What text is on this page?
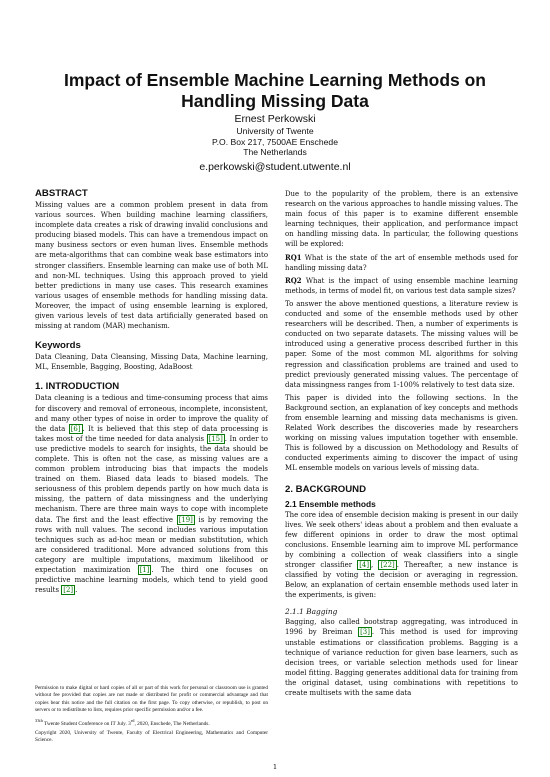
Impact of Ensemble Machine Learning Methods on Handling Missing Data
Ernest Perkowski
University of Twente
P.O. Box 217, 7500AE Enschede
The Netherlands
e.perkowski@student.utwente.nl
ABSTRACT

Missing values are a common problem present in data from various sources. When building machine learning classifiers, incomplete data creates a risk of drawing invalid conclusions and producing biased models. This can have a tremendous impact on many business sectors or even human lives. Ensemble methods are meta-algorithms that can combine weak base estimators into stronger classifiers. Ensemble learning can make use of both ML and non-ML techniques. Using this approach proved to yield better predictions in many use cases. This research examines various usages of ensemble methods for handling missing data. Moreover, the impact of using ensemble learning is explored, given various levels of test data artificially generated based on missing at random (MAR) mechanism.

Keywords

Data Cleaning, Data Cleansing, Missing Data, Machine learning, ML, Ensemble, Bagging, Boosting, AdaBoost

1. INTRODUCTION

Data cleaning is a tedious and time-consuming process that aims for discovery and removal of erroneous, incomplete, inconsistent, and many other types of noise in order to improve the quality of the data [6] . It is believed that this step of data processing is takes most of the time needed for data analysis [15] . In order to use predictive models to search for insights, the data should be complete. This is often not the case, as missing values are a common problem introducing bias that impacts the models trained on them. Biased data leads to biased models. The seriousness of this problem depends partly on how much data is missing, the pattern of data missingness and the underlying mechanism. There are three main ways to cope with incomplete data. The first and the least effective [19] is by removing the rows with null values. The second includes various imputation techniques such as ad-hoc mean or median substitution, which are considered traditional. More advanced solutions from this category are multiple imputations, maximum likelihood or expectation maximization [1] . The third one focuses on predictive machine learning models, which tend to yield good results [2] .

Permission to make digital or hard copies of all or part of this work for personal or classroom use is granted without fee provided that copies are not made or distributed for profit or commercial advantage and that copies bear this notice and the full citation on the first page. To copy otherwise, or republish, to post on servers or to redistribute to lists, requires prior specific permission and/or a fee.

$^{33th}$ Twente Student Conference on IT July. 3rd, 2020, Enschede, The Netherlands.

Copyright 2020, University of Twente, Faculty of Electrical Engineering, Mathematics and Computer Science.

Due to the popularity of the problem, there is an extensive research on the various approaches to handle missing values. The main focus of this paper is to examine different ensemble learning techniques, their application, and performance impact on handling missing data. In particular, the following questions will be explored:

RQ1 What is the state of the art of ensemble methods used for handling missing data?

RQ2 What is the impact of using ensemble machine learning methods, in terms of model fit, on various test data sample sizes?

To answer the above mentioned questions, a literature review is conducted and some of the ensemble methods used by other researchers will be described. Then, a number of experiments is conducted on two separate datasets. The missing values will be introduced using a generative process described further in this paper. Some of the most common ML algorithms for solving regression and classification problems are trained and used to predict previously generated missing values. The percentage of data missingness ranges from 1-100% relatively to test data size.

This paper is divided into the following sections. In the Background section, an explanation of key concepts and methods from ensemble learning and missing data mechanisms is given. Related Work describes the discoveries made by researchers working on missing values imputation together with ensemble. This is followed by a discussion on Methodology and Results of conducted experiments aiming to discover the impact of using ML ensemble models on various levels of missing data.

2. BACKGROUND
2.1 Ensemble methods

The core idea of ensemble decision making is present in our daily lives. We seek others' ideas about a problem and then evaluate a few different opinions in order to draw the most optimal conclusions. Ensemble learning aim to improve ML performance by combining a collection of weak classifiers into a single stronger classifier [4] , [22] . Thereafter, a new instance is classified by voting the decision or averaging in regression. Below, an explanation of certain ensemble methods used later in the experiments, is given:

2.1.1 Bagging

Bagging, also called bootstrap aggregating, was introduced in 1996 by Breiman [3] . This method is used for improving unstable estimations or classification problems. Bagging is a technique of variance reduction for given base learners, such as decision trees, or variable selection methods used for linear model fitting. Bagging generates additional data for training from the original dataset, using combinations with repetitions to create multisets with the same data

1
